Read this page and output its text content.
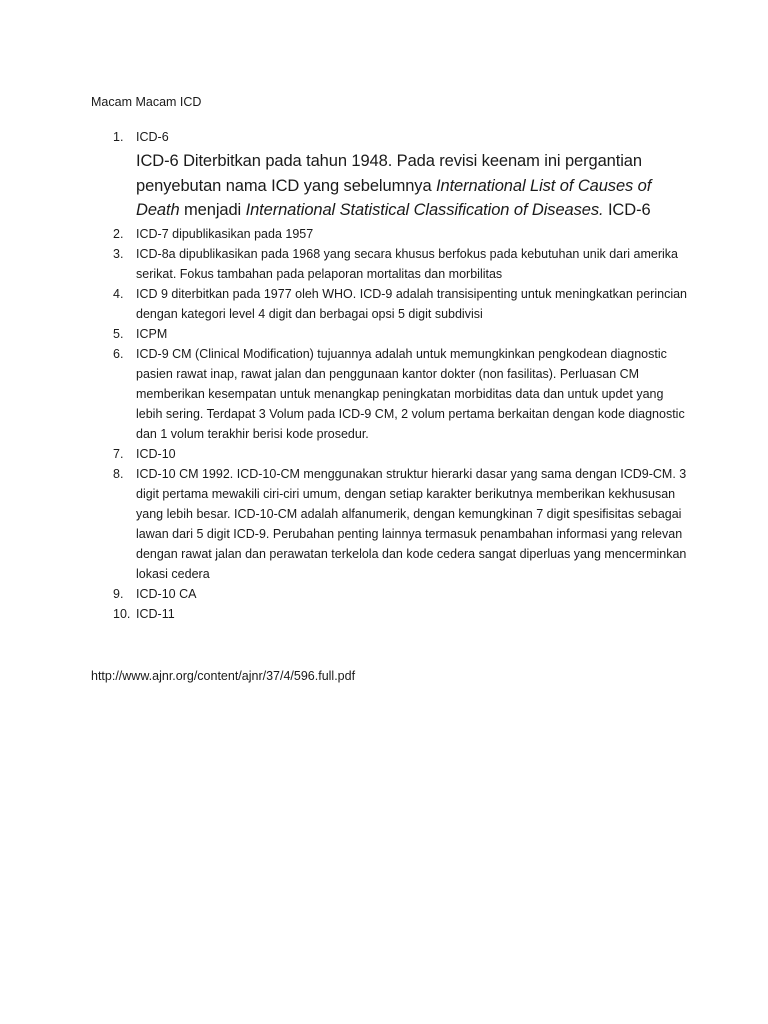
Macam Macam ICD
1.	ICD-6
ICD-6 Diterbitkan pada tahun 1948. Pada revisi keenam ini pergantian penyebutan nama ICD yang sebelumnya International List of Causes of Death menjadi International Statistical Classification of Diseases. ICD-6
2.	ICD-7 dipublikasikan pada 1957
3.	ICD-8a dipublikasikan pada 1968 yang secara khusus berfokus pada kebutuhan unik dari amerika serikat. Fokus tambahan pada pelaporan mortalitas dan morbilitas
4.	ICD 9 diterbitkan pada 1977 oleh WHO. ICD-9 adalah transisipenting untuk meningkatkan perincian dengan kategori level 4 digit dan berbagai opsi 5 digit subdivisi
5.	ICPM
6.	ICD-9 CM (Clinical Modification) tujuannya adalah untuk memungkinkan pengkodean diagnostic pasien rawat inap, rawat jalan dan penggunaan kantor dokter (non fasilitas). Perluasan CM memberikan kesempatan untuk menangkap peningkatan morbiditas data dan untuk updet yang lebih sering. Terdapat 3 Volum pada ICD-9 CM, 2 volum pertama berkaitan dengan kode diagnostic dan 1 volum terakhir berisi kode prosedur.
7.	ICD-10
8.	ICD-10 CM 1992. ICD-10-CM menggunakan struktur hierarki dasar yang sama dengan ICD9-CM. 3 digit pertama mewakili ciri-ciri umum, dengan setiap karakter berikutnya memberikan kekhususan yang lebih besar. ICD-10-CM adalah alfanumerik, dengan kemungkinan 7 digit spesifisitas sebagai lawan dari 5 digit ICD-9. Perubahan penting lainnya termasuk penambahan informasi yang relevan dengan rawat jalan dan perawatan terkelola dan kode cedera sangat diperluas yang mencerminkan lokasi cedera
9.	ICD-10 CA
10. ICD-11
http://www.ajnr.org/content/ajnr/37/4/596.full.pdf
